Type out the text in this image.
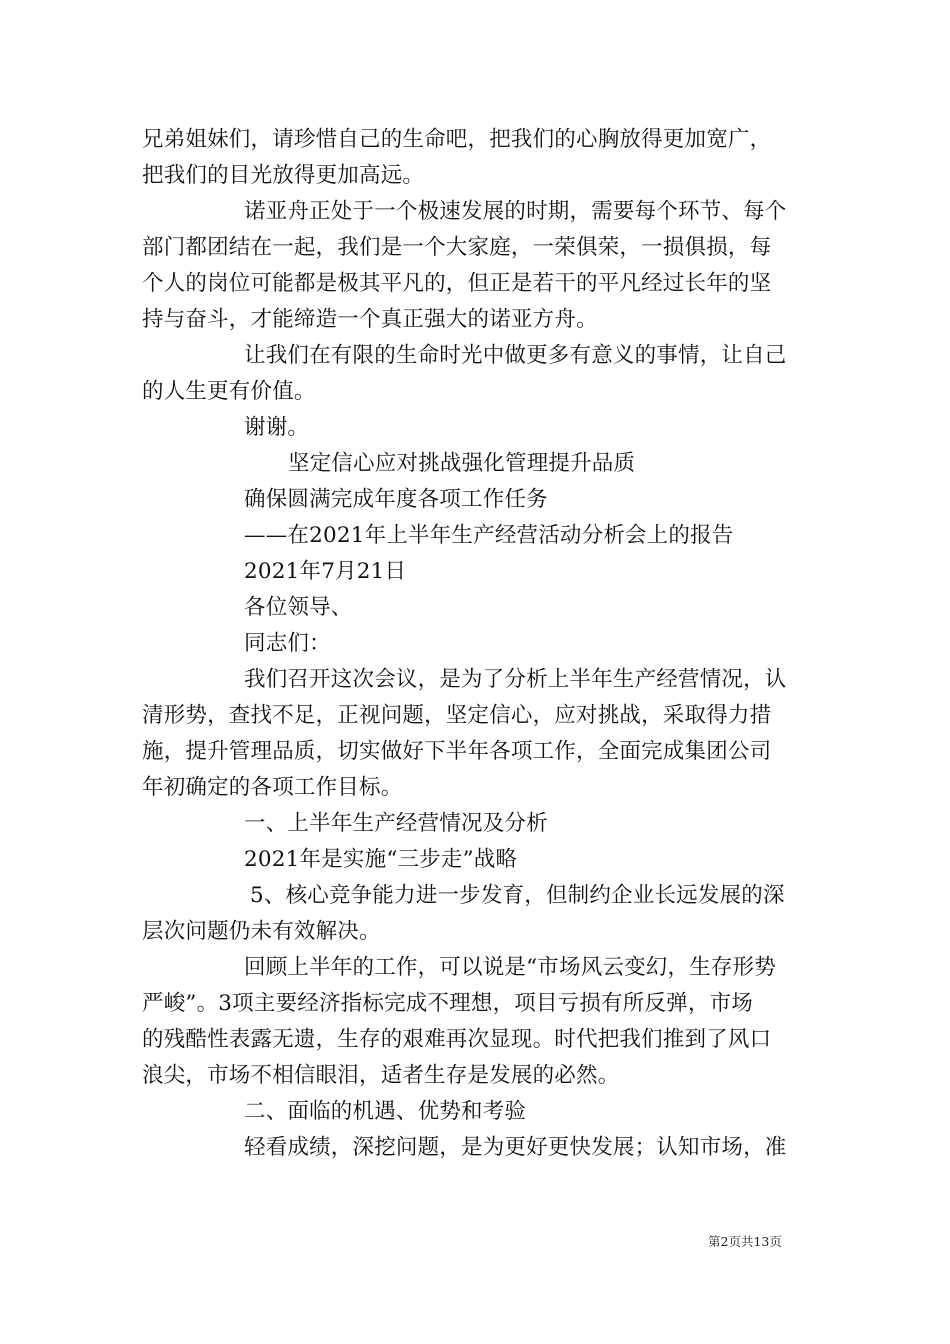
兄弟姐妹们，请珍惜自己的生命吧，把我们的心胸放得更加宽广，
把我们的目光放得更加高远。
诺亚舟正处于一个极速发展的时期，需要每个环节、每个
部门都团结在一起，我们是一个大家庭，一荣俱荣，一损俱损，每
个人的岗位可能都是极其平凡的，但正是若干的平凡经过长年的坚
持与奋斗，才能缔造一个真正强大的诺亚方舟。
让我们在有限的生命时光中做更多有意义的事情，让自己
的人生更有价值。
谢谢。
坚定信心应对挑战强化管理提升品质
确保圆满完成年度各项工作任务
——在2021年上半年生产经营活动分析会上的报告
2021年7月21日
各位领导、
同志们：
我们召开这次会议，是为了分析上半年生产经营情况，认
清形势，查找不足，正视问题，坚定信心，应对挑战，采取得力措
施，提升管理品质，切实做好下半年各项工作，全面完成集团公司
年初确定的各项工作目标。
一、上半年生产经营情况及分析
2021年是实施“三步走”战略
5、核心竞争能力进一步发育，但制约企业长远发展的深
层次问题仍未有效解决。
回顾上半年的工作，可以说是“市场风云变幻，生存形势
严峻”。3项主要经济指标完成不理想，项目亏损有所反弹，市场
的残酷性表露无遗，生存的艰难再次显现。时代把我们推到了风口
浪尖，市场不相信眼泪，适者生存是发展的必然。
二、面临的机遇、优势和考验
轻看成绩，深挖问题，是为更好更快发展；认知市场，准
第2页共13页
